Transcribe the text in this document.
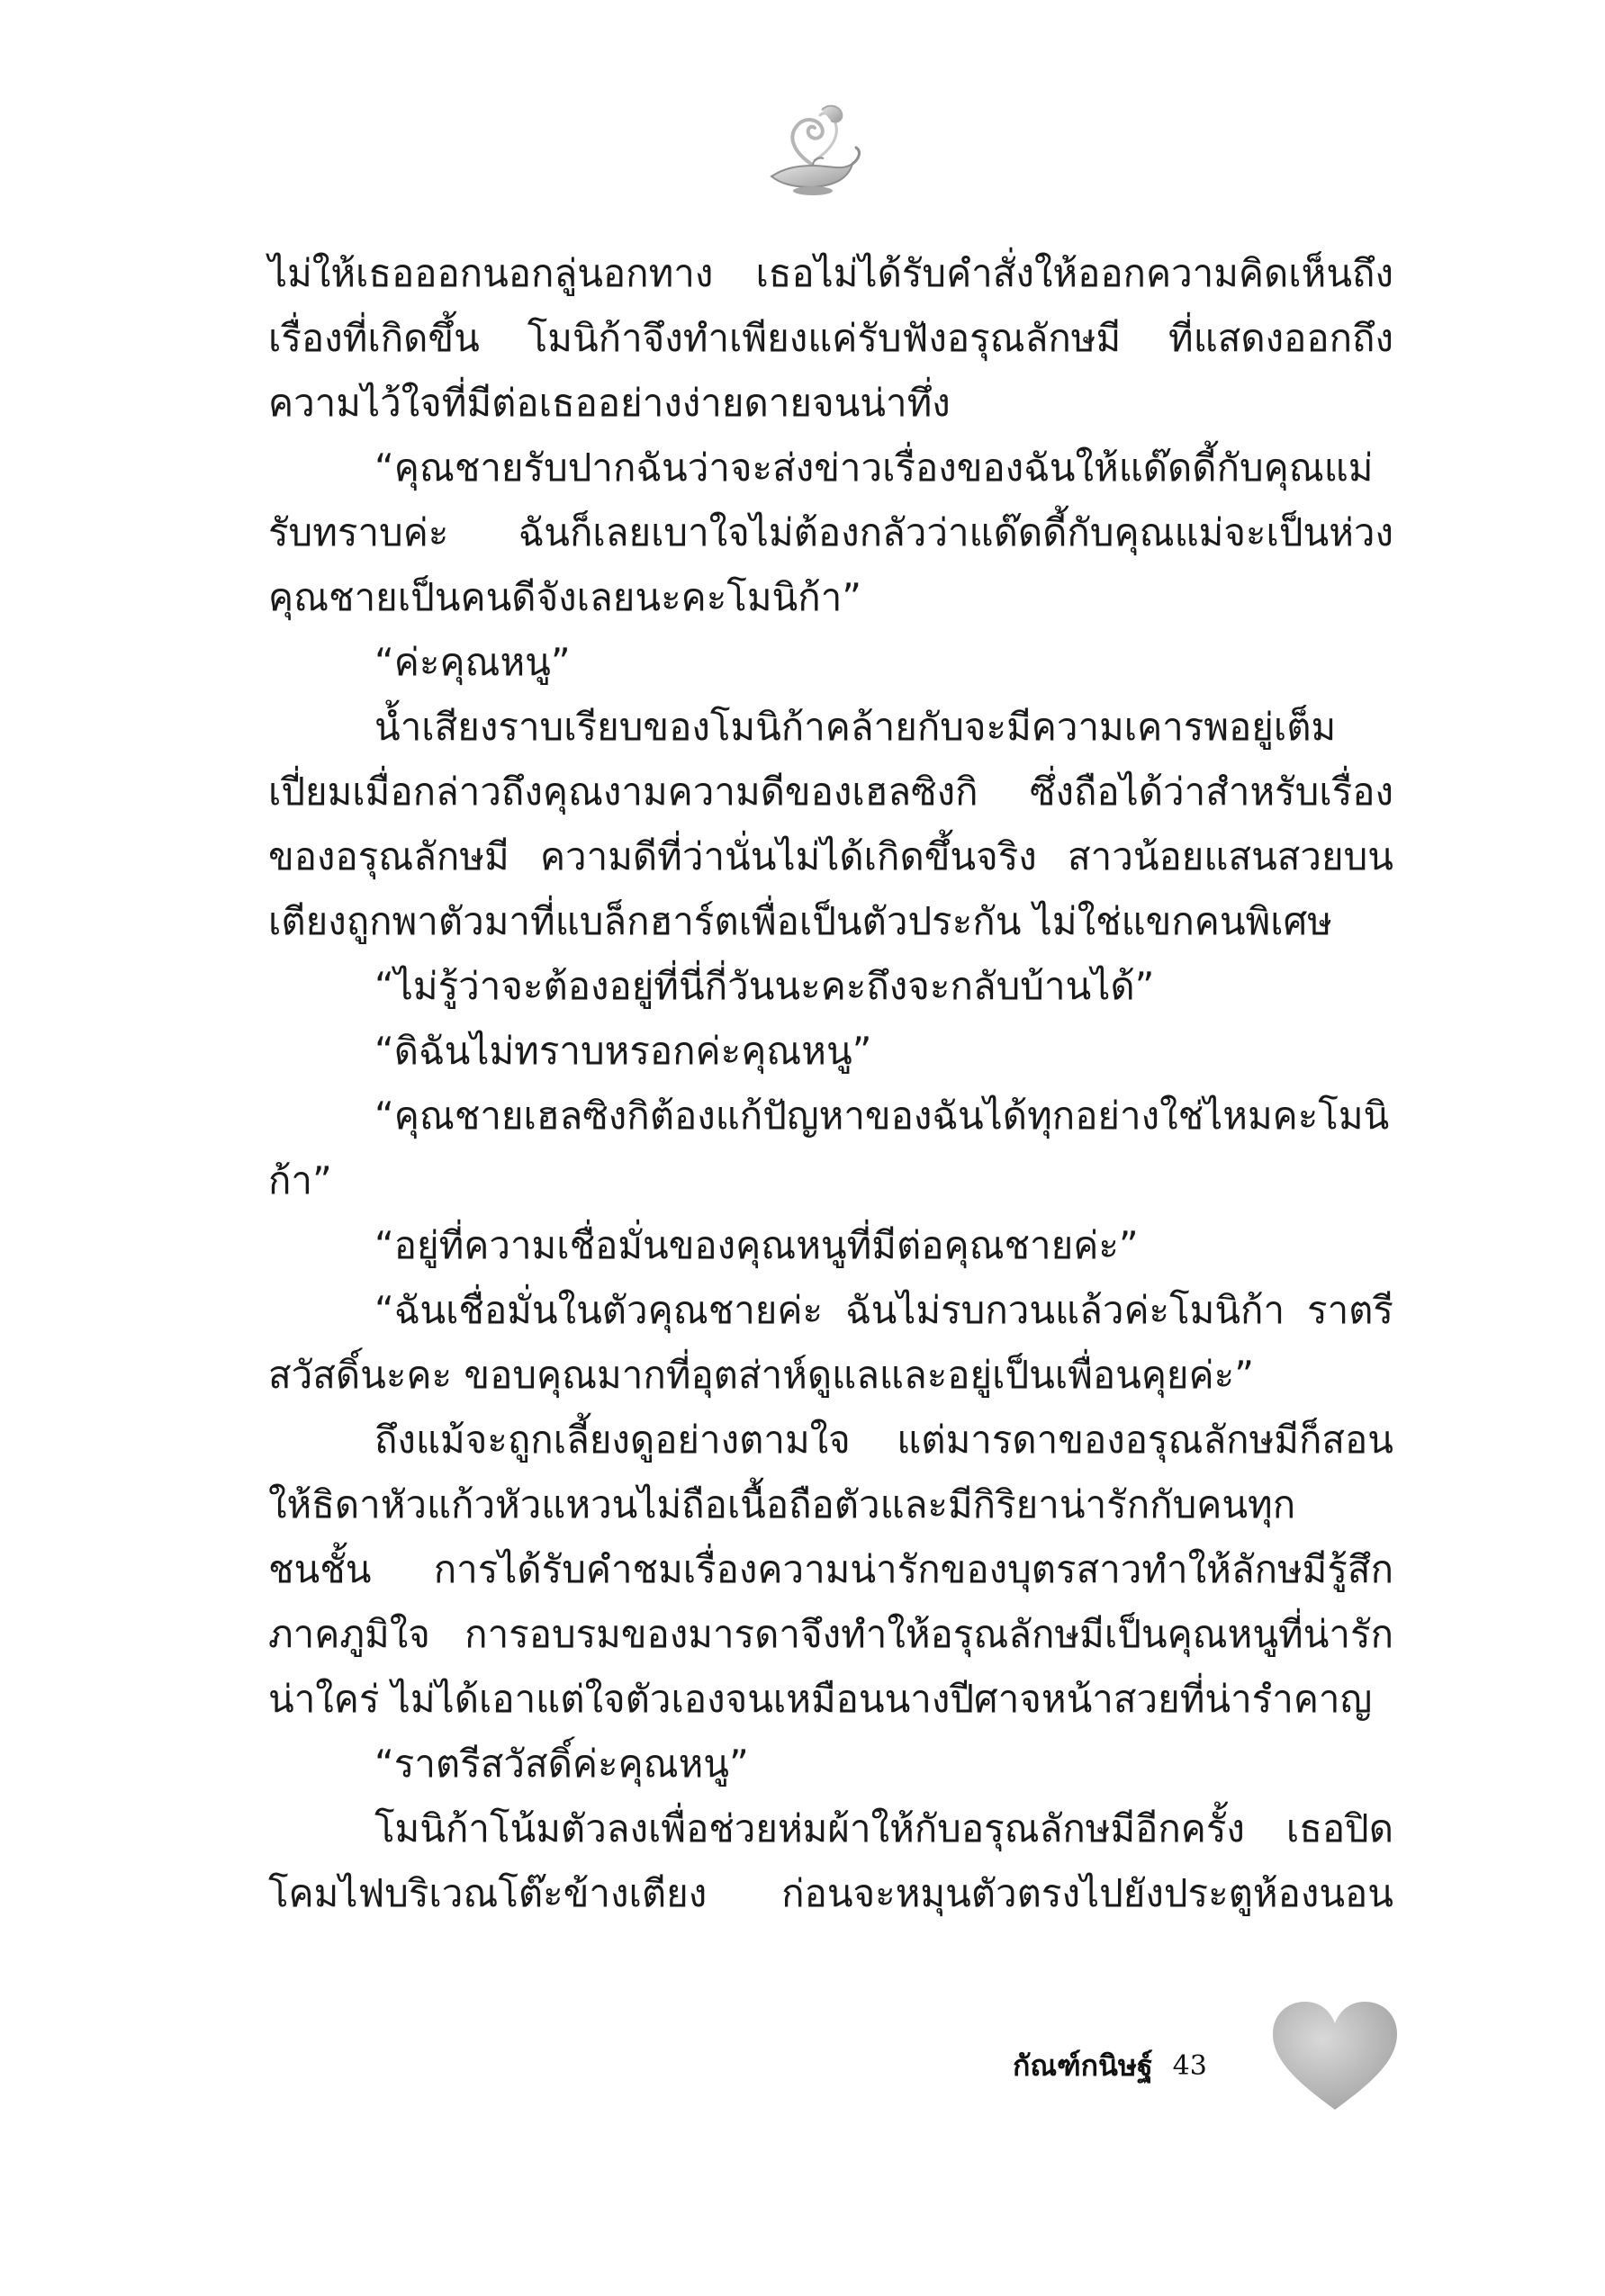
ไม่ให้เธอออกนอกลู่นอกทาง เธอไม่ได้รับคำสั่งให้ออกความคิดเห็นถึงเรื่องที่เกิดขึ้น โมนิก้าจึงทำเพียงแค่รับฟังอรุณลักษมี ที่แสดงออกถึงความไว้ใจที่มีต่อเธออย่างง่ายดายจนน่าทึ่ง

“คุณชายรับปากฉันว่าจะส่งข่าวเรื่องของฉันให้แด๊ดดี้กับคุณแม่รับทราบค่ะ ฉันก็เลยเบาใจไม่ต้องกลัวว่าแด๊ดดี้กับคุณแม่จะเป็นห่วง คุณชายเป็นคนดีจังเลยนะคะโมนิก้า”

“ค่ะคุณหนู”

น้ำเสียงราบเรียบของโมนิก้าคล้ายกับจะมีความเคารพอยู่เต็มเปี่ยมเมื่อกล่าวถึงคุณงามความดีของเฮลซิงกิ ซึ่งถือได้ว่าสำหรับเรื่องของอรุณลักษมี ความดีที่ว่านั่นไม่ได้เกิดขึ้นจริง สาวน้อยแสนสวยบนเตียงถูกพาตัวมาที่แบล็กฮาร์ตเพื่อเป็นตัวประกัน ไม่ใช่แขกคนพิเศษ

“ไม่รู้ว่าจะต้องอยู่ที่นี่กี่วันนะคะถึงจะกลับบ้านได้”

“ดิฉันไม่ทราบหรอกค่ะคุณหนู”

“คุณชายเฮลซิงกิต้องแก้ปัญหาของฉันได้ทุกอย่างใช่ไหมคะโมนิก้า”

“อยู่ที่ความเชื่อมั่นของคุณหนูที่มีต่อคุณชายค่ะ”

“ฉันเชื่อมั่นในตัวคุณชายค่ะ ฉันไม่รบกวนแล้วค่ะโมนิก้า ราตรีสวัสดิ์นะคะ ขอบคุณมากที่อุตส่าห์ดูแลและอยู่เป็นเพื่อนคุยค่ะ”

ถึงแม้จะถูกเลี้ยงดูอย่างตามใจ แต่มารดาของอรุณลักษมีก็สอนให้ธิดาหัวแก้วหัวแหวนไม่ถือเนื้อถือตัวและมีกิริยาน่ารักกับคนทุกชนชั้น การได้รับคำชมเรื่องความน่ารักของบุตรสาวทำให้ลักษมีรู้สึกภาคภูมิใจ การอบรมของมารดาจึงทำให้อรุณลักษมีเป็นคุณหนูที่น่ารักน่าใคร่ ไม่ได้เอาแต่ใจตัวเองจนเหมือนนางปีศาจหน้าสวยที่น่ารำคาญ

“ราตรีสวัสดิ์ค่ะคุณหนู”

โมนิก้าโน้มตัวลงเพื่อช่วยห่มผ้าให้กับอรุณลักษมีอีกครั้ง เธอปิดโคมไฟบริเวณโต๊ะข้างเตียง ก่อนจะหมุนตัวตรงไปยังประตูห้องนอน

กัณฑ์กนิษฐ์ 43
